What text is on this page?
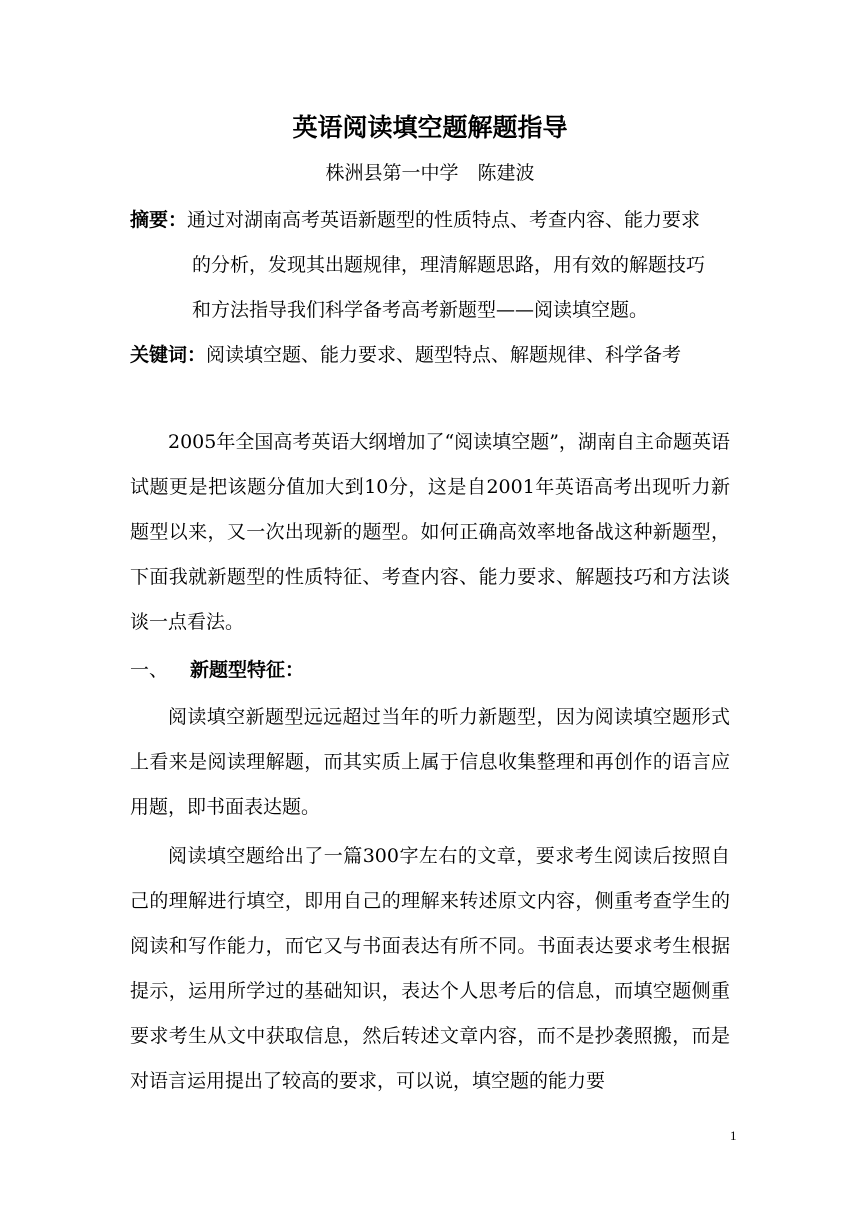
英语阅读填空题解题指导
株洲县第一中学　陈建波
摘要：通过对湖南高考英语新题型的性质特点、考查内容、能力要求
的分析，发现其出题规律，理清解题思路，用有效的解题技巧
和方法指导我们科学备考高考新题型——阅读填空题。
关键词：阅读填空题、能力要求、题型特点、解题规律、科学备考

2005年全国高考英语大纲增加了“阅读填空题”，湖南自主命题英语试题更是把该题分值加大到10分，这是自2001年英语高考出现听力新题型以来，又一次出现新的题型。如何正确高效率地备战这种新题型，下面我就新题型的性质特征、考查内容、能力要求、解题技巧和方法谈谈一点看法。

一、 新题型特征：

阅读填空新题型远远超过当年的听力新题型，因为阅读填空题形式上看来是阅读理解题，而其实质上属于信息收集整理和再创作的语言应用题，即书面表达题。

阅读填空题给出了一篇300字左右的文章，要求考生阅读后按照自己的理解进行填空，即用自己的理解来转述原文内容，侧重考查学生的阅读和写作能力，而它又与书面表达有所不同。书面表达要求考生根据提示，运用所学过的基础知识，表达个人思考后的信息，而填空题侧重要求考生从文中获取信息，然后转述文章内容，而不是抄袭照搬，而是对语言运用提出了较高的要求，可以说，填空题的能力要

1
